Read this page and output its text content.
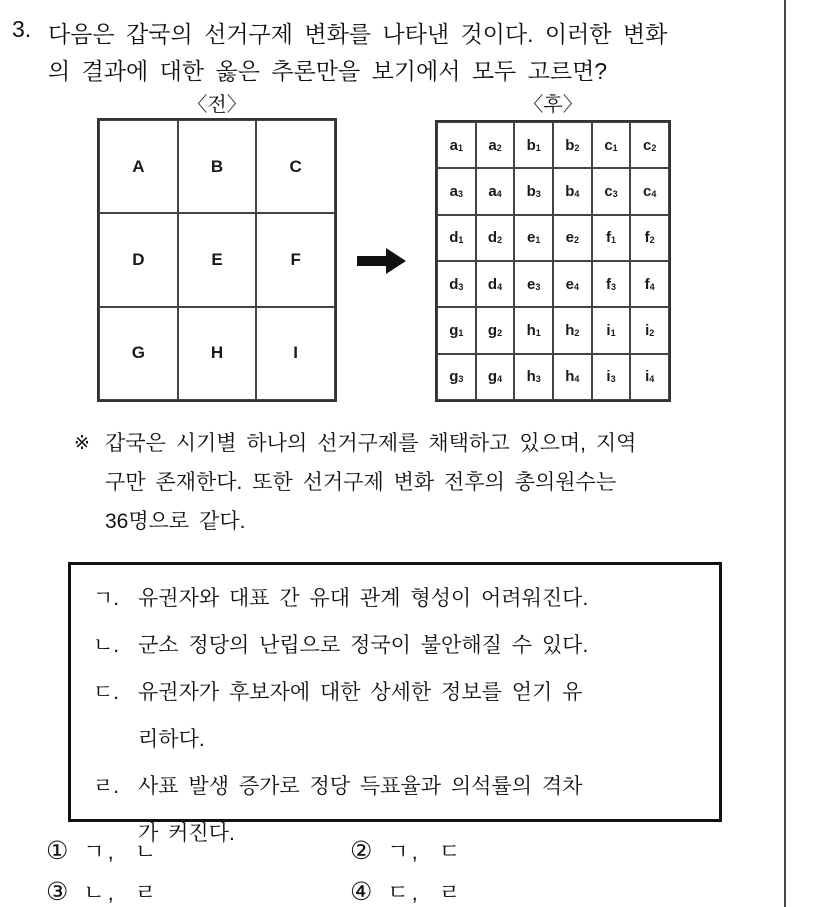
3. 다음은 갑국의 선거구제 변화를 나타낸 것이다. 이러한 변화
의 결과에 대한 옳은 추론만을 보기에서 모두 고르면?
〈전〉	〈후〉
A	B	C
D	E	F
G	H	I
$a_1$ $a_2$ $b_1$ $b_2$ $c_1$ $c_2$
$a_3$ $a_4$ $b_3$ $b_4$ $c_3$ $c_4$
$d_1$ $d_2$ $e_1$ $e_2$ $f_1$ $f_2$
$d_3$ $d_4$ $e_3$ $e_4$ $f_3$ $f_4$
$g_1$ $g_2$ $h_1$ $h_2$ $i_1$ $i_2$
$g_3$ $g_4$ $h_3$ $h_4$ $i_3$ $i_4$
※ 갑국은 시기별 하나의 선거구제를 채택하고 있으며, 지역
구만 존재한다. 또한 선거구제 변화 전후의 총의원수는
36명으로 같다.
ㄱ. 유권자와 대표 간 유대 관계 형성이 어려워진다.
ㄴ. 군소 정당의 난립으로 정국이 불안해질 수 있다.
ㄷ. 유권자가 후보자에 대한 상세한 정보를 얻기 유
리하다.
ㄹ. 사표 발생 증가로 정당 득표율과 의석률의 격차
가 커진다.
① ㄱ, ㄴ	② ㄱ, ㄷ
③ ㄴ, ㄹ	④ ㄷ, ㄹ
